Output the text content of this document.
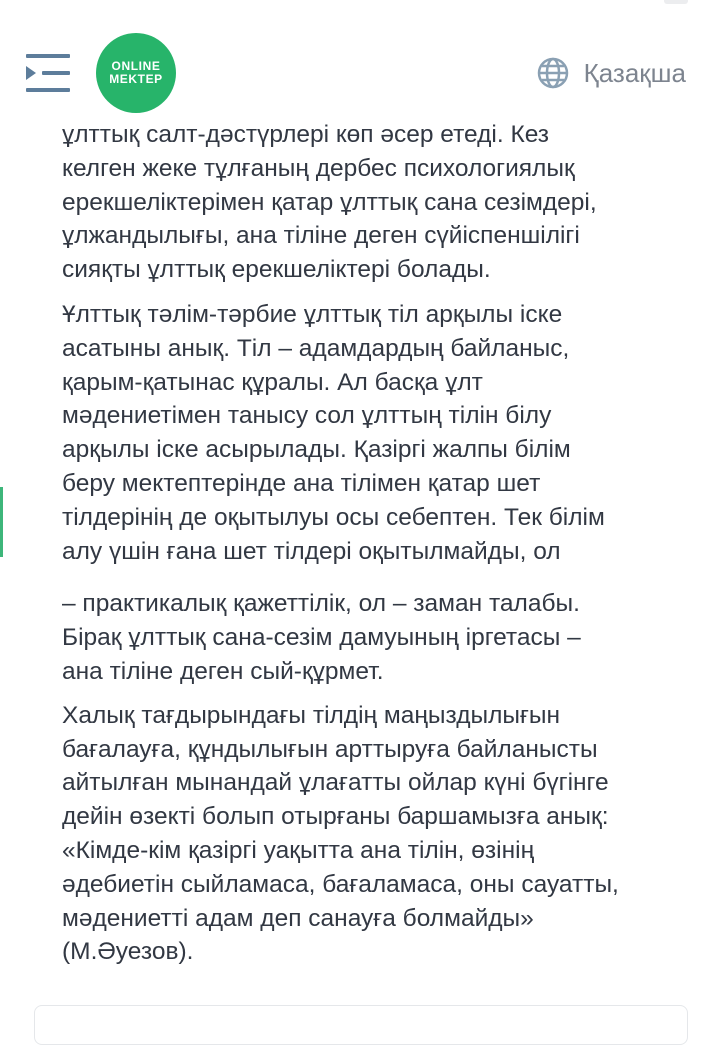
ұлттық салт-дәстүрлері көп әсер етеді. Кез
келген жеке тұлғаның дербес психологиялық
ерекшеліктерімен қатар ұлттық сана сезімдері,
ұлжандылығы, ана тіліне деген сүйіспеншілігі
сияқты ұлттық ерекшеліктері болады.

Ұлттық тәлім-тәрбие ұлттық тіл арқылы іске
асатыны анық. Тіл – адамдардың байланыс,
қарым-қатынас құралы. Ал басқа ұлт
мәдениетімен танысу сол ұлттың тілін білу
арқылы іске асырылады. Қазіргі жалпы білім
беру мектептерінде ана тілімен қатар шет
тілдерінің де оқытылуы осы себептен. Тек білім
алу үшін ғана шет тілдері оқытылмайды, ол

– практикалық қажеттілік, ол – заман талабы.
Бірақ ұлттық сана-сезім дамуының іргетасы –
ана тіліне деген сый-құрмет.

Халық тағдырындағы тілдің маңыздылығын
бағалауға, құндылығын арттыруға байланысты
айтылған мынандай ұлағатты ойлар күні бүгінге
дейін өзекті болып отырғаны баршамызға анық:
«Кімде-кім қазіргі уақытта ана тілін, өзінің
әдебиетін сыйламаса, бағаламаса, оны сауатты,
мәдениетті адам деп санауға болмайды»
(М.Әуезов).

ONLINE
MEKTEP	Қазақша
